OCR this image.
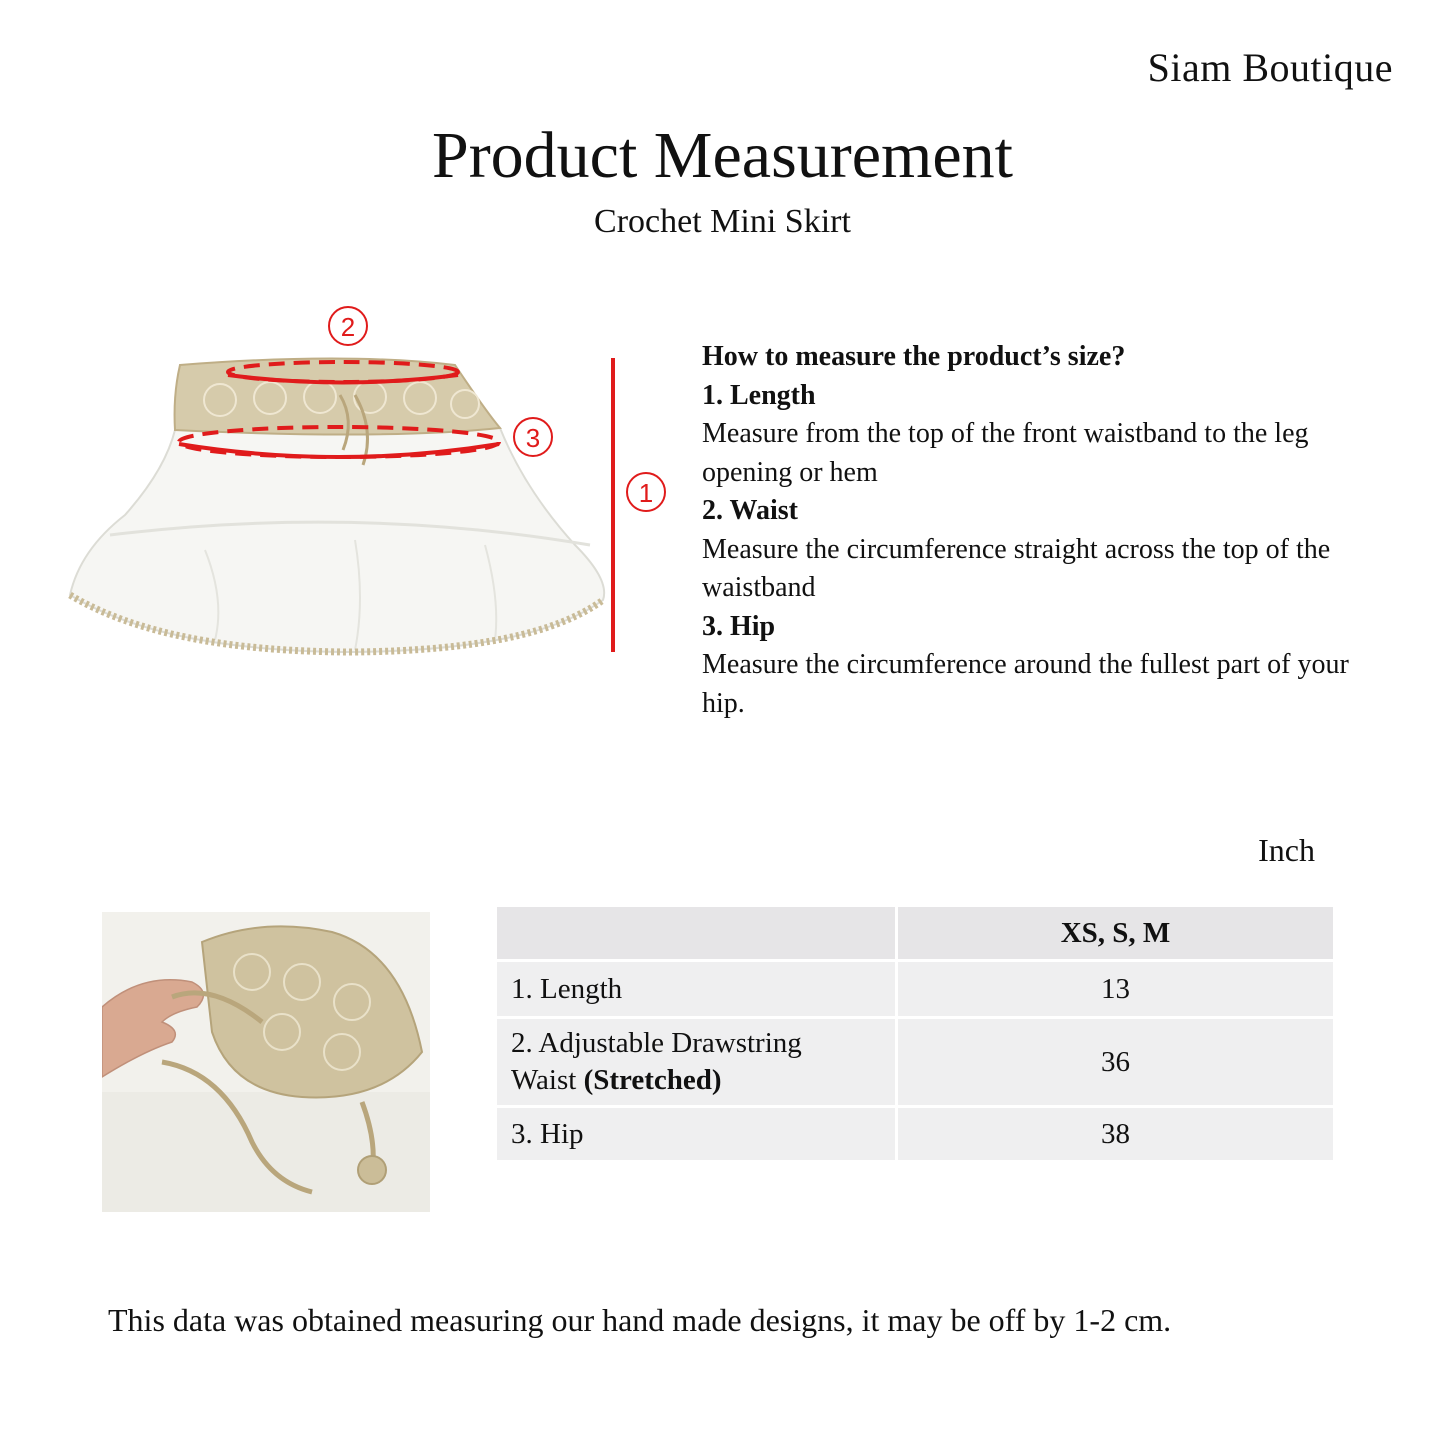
Siam Boutique
Product Measurement
Crochet Mini Skirt
2
3
1
How to measure the product’s size?
1. Length
Measure from the top of the front waistband to the leg opening or hem
2. Waist
Measure the circumference straight across the top of the waistband
3. Hip
Measure the circumference around the fullest part of your hip.
Inch
	XS, S, M
1. Length	13
2. Adjustable Drawstring
Waist (Stretched)	36
3. Hip	38
This data was obtained measuring our hand made designs, it may be off by 1-2 cm.
